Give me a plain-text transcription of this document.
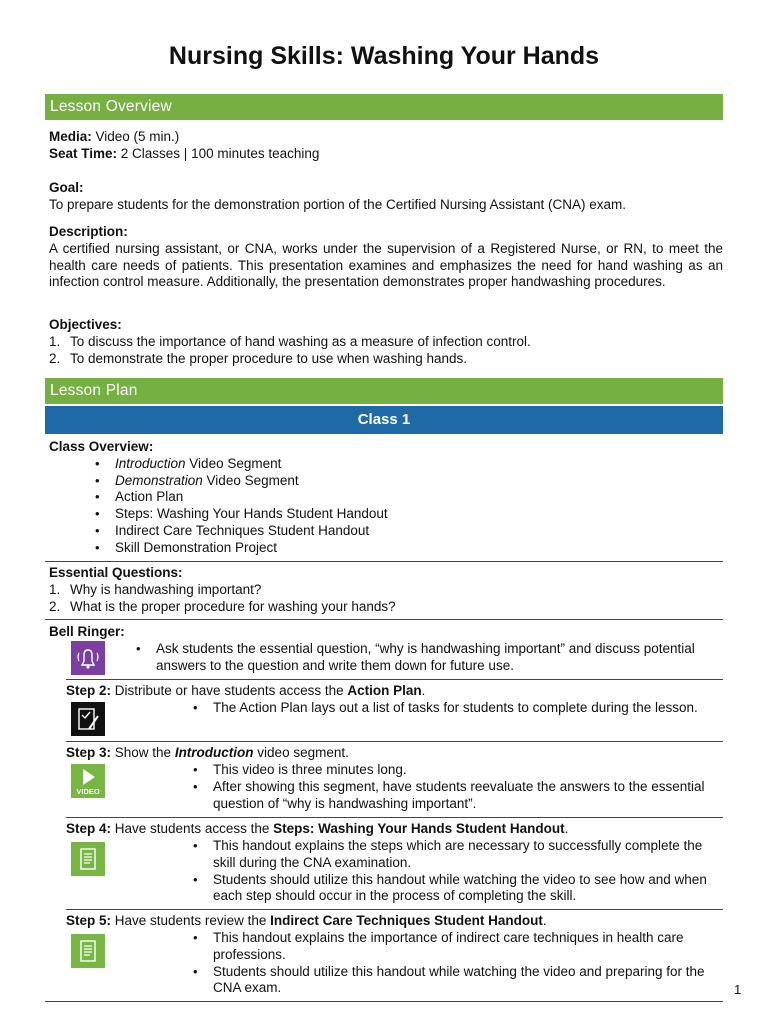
Nursing Skills: Washing Your Hands
Lesson Overview
Media: Video (5 min.)
Seat Time: 2 Classes | 100 minutes teaching
Goal:
To prepare students for the demonstration portion of the Certified Nursing Assistant (CNA) exam.
Description:
A certified nursing assistant, or CNA, works under the supervision of a Registered Nurse, or RN, to meet the health care needs of patients. This presentation examines and emphasizes the need for hand washing as an infection control measure. Additionally, the presentation demonstrates proper handwashing procedures.
Objectives:
1. To discuss the importance of hand washing as a measure of infection control.
2. To demonstrate the proper procedure to use when washing hands.
Lesson Plan
Class 1
Class Overview:
• Introduction Video Segment
• Demonstration Video Segment
• Action Plan
• Steps: Washing Your Hands Student Handout
• Indirect Care Techniques Student Handout
• Skill Demonstration Project
Essential Questions:
1. Why is handwashing important?
2. What is the proper procedure for washing your hands?
Bell Ringer:
• Ask students the essential question, “why is handwashing important” and discuss potential answers to the question and write them down for future use.
Step 2: Distribute or have students access the Action Plan.
• The Action Plan lays out a list of tasks for students to complete during the lesson.
Step 3: Show the Introduction video segment.
VIDEO
• This video is three minutes long.
• After showing this segment, have students reevaluate the answers to the essential question of “why is handwashing important”.
Step 4: Have students access the Steps: Washing Your Hands Student Handout.
• This handout explains the steps which are necessary to successfully complete the skill during the CNA examination.
• Students should utilize this handout while watching the video to see how and when each step should occur in the process of completing the skill.
Step 5: Have students review the Indirect Care Techniques Student Handout.
• This handout explains the importance of indirect care techniques in health care professions.
• Students should utilize this handout while watching the video and preparing for the CNA exam.	1
